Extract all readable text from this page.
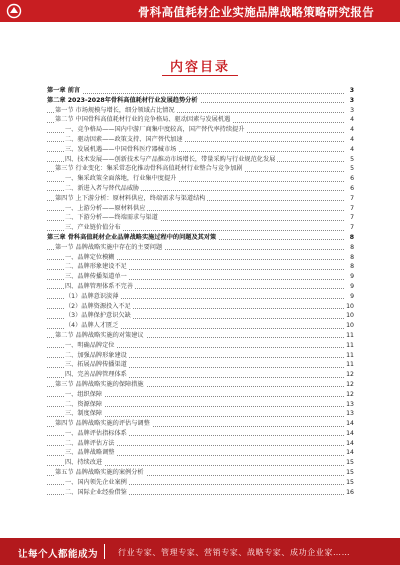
骨科高值耗材企业实施品牌战略策略研究报告
内容目录
第一章 前言	3
第二章 2023-2028年骨科高值耗材行业发展趋势分析	3
第一节 市场规模与增长，细分领域占比情况	3
第二节 中国骨科高值耗材行业的竞争格局、驱动因素与发展机遇	4
一、竞争格局——国内中游厂商集中度较高，国产替代率持续提升	4
二、驱动因素——政策支持、国产替代加速	4
三、发展机遇——中国骨科医疗器械市场	4
四、技术发展——创新技术与产品推动市场增长，带量采购与行业规范化发展	5
第三节 行业变化：集采常态化推动骨科高值耗材行业整合与竞争加剧	5
一、集采政策全面落地，行业集中度提升	6
二、新进入者与替代品威胁	6
第四节 上下游分析：原材料供应，终端需求与渠道结构	7
一、上游分析——原材料供应	7
二、下游分析——终端需求与渠道	7
三、产业链价值分布	7
第三章 骨科高值耗材企业品牌战略实施过程中的问题及其对策	8
第一节 品牌战略实施中存在的主要问题	8
一、品牌定位模糊	8
二、品牌形象建设不足	8
三、品牌传播渠道单一	9
四、品牌管理体系不完善	9
（1）品牌意识淡薄	9
（2）品牌资源投入不足	10
（3）品牌保护意识欠缺	10
（4）品牌人才匮乏	10
第二节 品牌战略实施的对策建议	11
一、明确品牌定位	11
二、加强品牌形象建设	11
三、拓展品牌传播渠道	11
四、完善品牌管理体系	12
第三节 品牌战略实施的保障措施	12
一、组织保障	12
二、资源保障	13
三、制度保障	13
第四节 品牌战略实施的评估与调整	14
一、品牌评估指标体系	14
二、品牌评估方法	14
三、品牌战略调整	14
四、持续改进	15
第五节 品牌战略实施的案例分析	15
一、国内领先企业案例	15
二、国际企业经验借鉴	16
让每个人都能成为 行业专家、管理专家、营销专家、战略专家、成功企业家……
